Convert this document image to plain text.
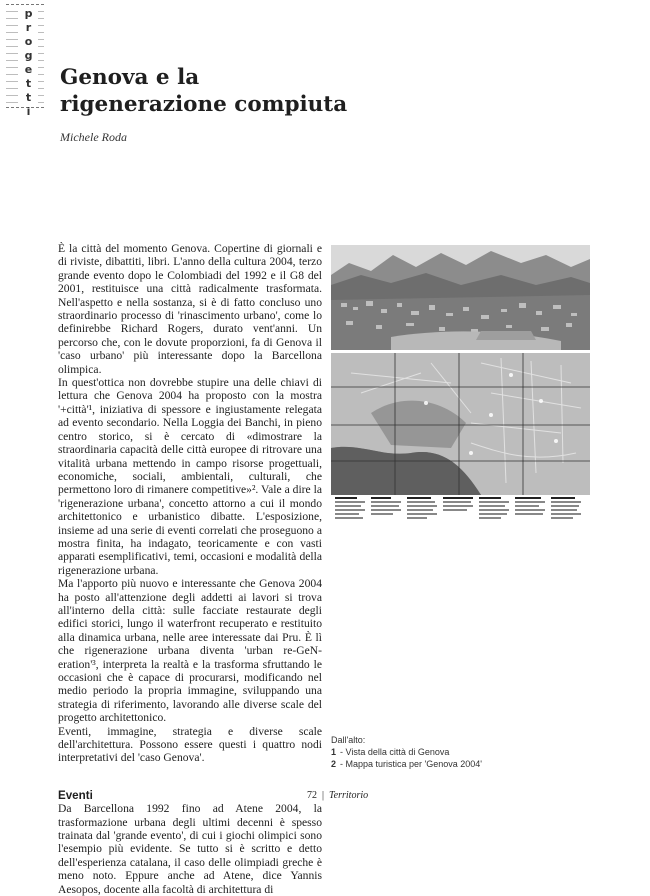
progetti Genova e la
rigenerazione compiuta
Michele Roda

È la città del momento Genova. Copertine di giornali e di riviste, dibattiti, libri. L'anno della cultura 2004, terzo grande evento dopo le Colombiadi del 1992 e il G8 del 2001, restituisce una città radicalmente trasformata. Nell'aspetto e nella sostanza, si è di fatto concluso uno straordinario processo di 'rinascimento urbano', come lo definirebbe Richard Rogers, durato vent'anni. Un percorso che, con le dovute proporzioni, fa di Genova il 'caso urbano' più interessante dopo la Barcellona olimpica.

In quest'ottica non dovrebbe stupire una delle chiavi di lettura che Genova 2004 ha proposto con la mostra '+città'¹, iniziativa di spessore e ingiustamente relegata ad evento secondario. Nella Loggia dei Banchi, in pieno centro storico, si è cercato di «dimostrare la straordinaria capacità delle città europee di ritrovare una vitalità urbana mettendo in campo risorse progettuali, economiche, sociali, ambientali, culturali, che permettono loro di rimanere competitive»². Vale a dire la 'rigenerazione urbana', concetto attorno a cui il mondo architettonico e urbanistico dibatte. L'esposizione, insieme ad una serie di eventi correlati che proseguono a mostra finita, ha indagato, teoricamente e con vasti apparati esemplificativi, temi, occasioni e modalità della rigenerazione urbana.

Ma l'apporto più nuovo e interessante che Genova 2004 ha posto all'attenzione degli addetti ai lavori si trova all'interno della città: sulle facciate restaurate degli edifici storici, lungo il waterfront recuperato e restituito alla dinamica urbana, nelle aree interessate dai Pru. È lì che rigenerazione urbana diventa 'urban re-GeN-eration'³, interpreta la realtà e la trasforma sfruttando le occasioni che è capace di procurarsi, modificando nel medio periodo la propria immagine, sviluppando una strategia di riferimento, lavorando alle diverse scale del progetto architettonico.

Eventi, immagine, strategia e diverse scale dell'architettura. Possono essere questi i quattro nodi interpretativi del 'caso Genova'.

Eventi

Da Barcellona 1992 fino ad Atene 2004, la trasformazione urbana degli ultimi decenni è spesso trainata dal 'grande evento', di cui i giochi olimpici sono l'esempio più evidente. Se tutto si è scritto e detto dell'esperienza catalana, il caso delle olimpiadi greche è meno noto. Eppure anche ad Atene, dice Yannis Aesopos, docente alla facoltà di architettura di

Dall'alto:
1 - Vista della città di Genova
2 - Mappa turistica per 'Genova 2004'
72 | Territorio
